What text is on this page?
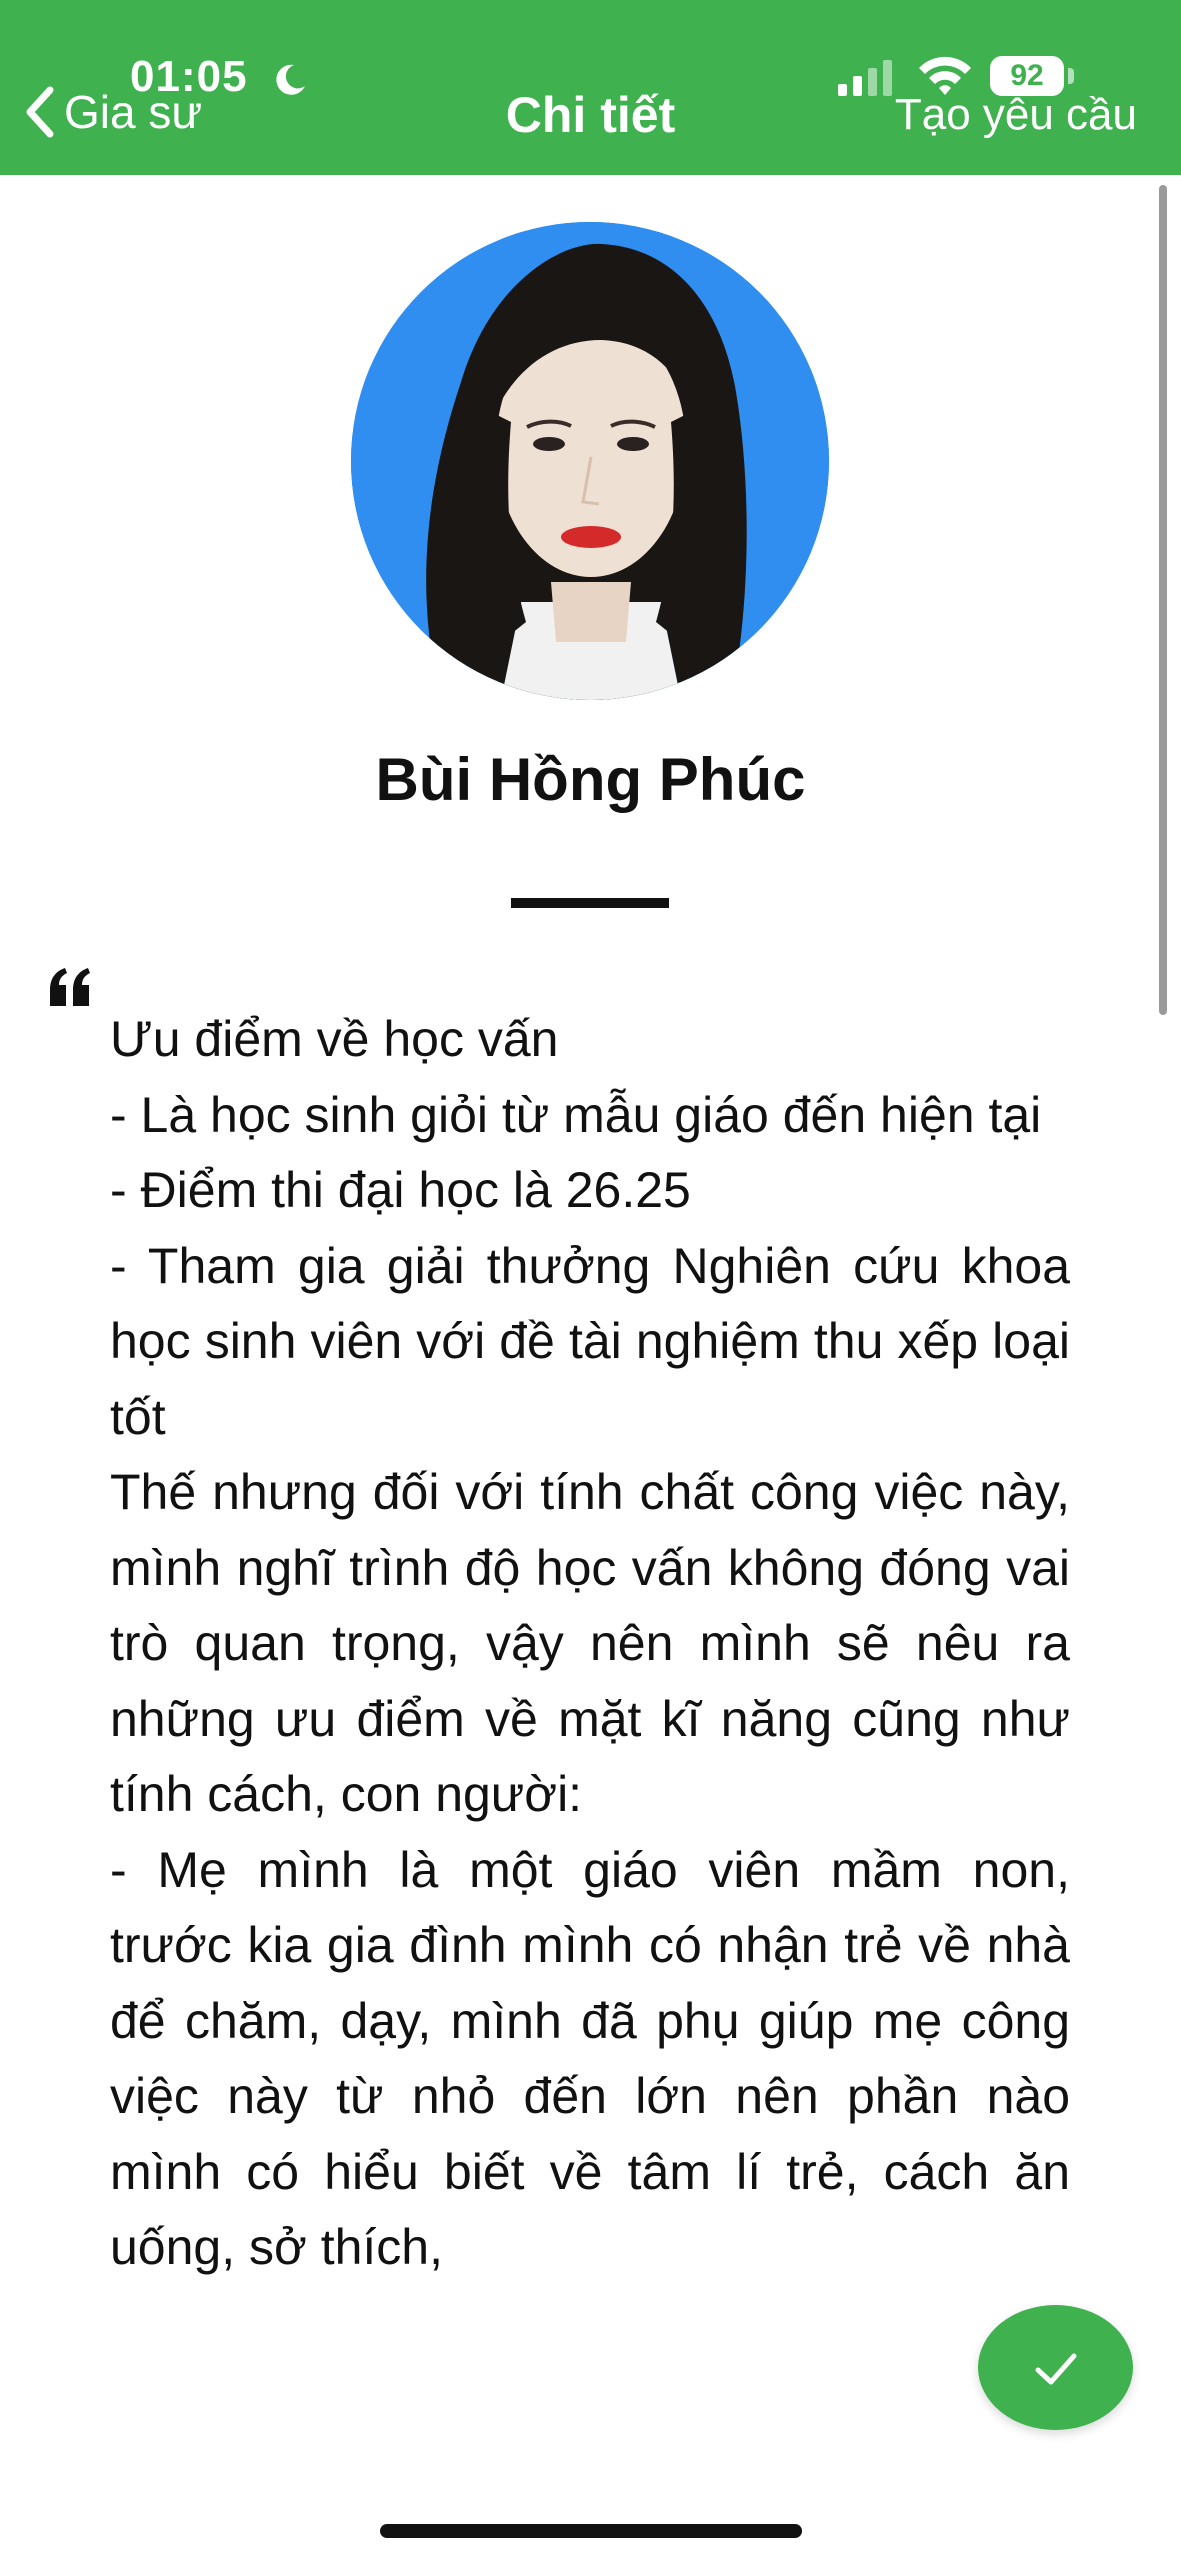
01:05	92
Gia sư	Chi tiết	Tạo yêu cầu
Bùi Hồng Phúc
Ưu điểm về học vấn
- Là học sinh giỏi từ mẫu giáo đến hiện tại
- Điểm thi đại học là 26.25
- Tham gia giải thưởng Nghiên cứu khoa học sinh viên với đề tài nghiệm thu xếp loại tốt
Thế nhưng đối với tính chất công việc này, mình nghĩ trình độ học vấn không đóng vai trò quan trọng, vậy nên mình sẽ nêu ra những ưu điểm về mặt kĩ năng cũng như tính cách, con người:
- Mẹ mình là một giáo viên mầm non, trước kia gia đình mình có nhận trẻ về nhà để chăm, dạy, mình đã phụ giúp mẹ công việc này từ nhỏ đến lớn nên phần nào mình có hiểu biết về tâm lí trẻ, cách ăn uống, sở thích,
